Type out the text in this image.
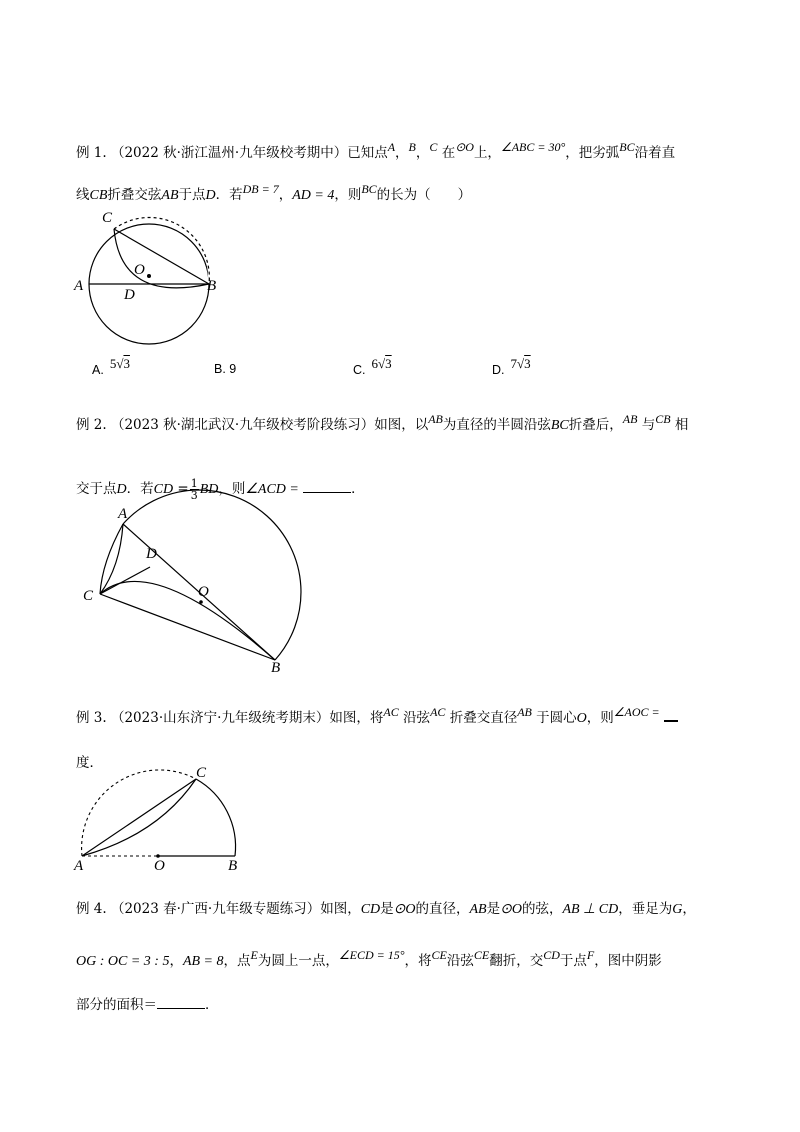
例 1. （2022 秋·浙江温州·九年级校考期中）已知点A，B，C 在⊙O上，∠ABC = 30°，把劣弧BC沿着直
线CB折叠交弦AB于点D．若DB = 7，AD = 4，则BC的长为（　　）
C
O
A
D
B
A. 5√3	B. 9	C. 6√3	D. 7√3
例 2. （2023 秋·湖北武汉·九年级校考阶段练习）如图，以AB为直径的半圆沿弦BC折叠后，AB 与CB 相
交于点D．若CD = $\frac{1}{3}$ BD，则∠ACD =	．
A
D
O
C
B
例 3. （2023·山东济宁·九年级统考期末）如图，将AC 沿弦AC 折叠交直径AB 于圆心O，则∠AOC =
度．
C
A	O	B
例 4. （2023 春·广西·九年级专题练习）如图，CD是⊙O的直径，AB是⊙O的弦，AB ⊥ CD，垂足为G，
OG : OC = 3 : 5，AB = 8，点E为圆上一点，∠ECD = 15°，将CE沿弦CE翻折，交CD于点F，图中阴影
部分的面积＝	．
